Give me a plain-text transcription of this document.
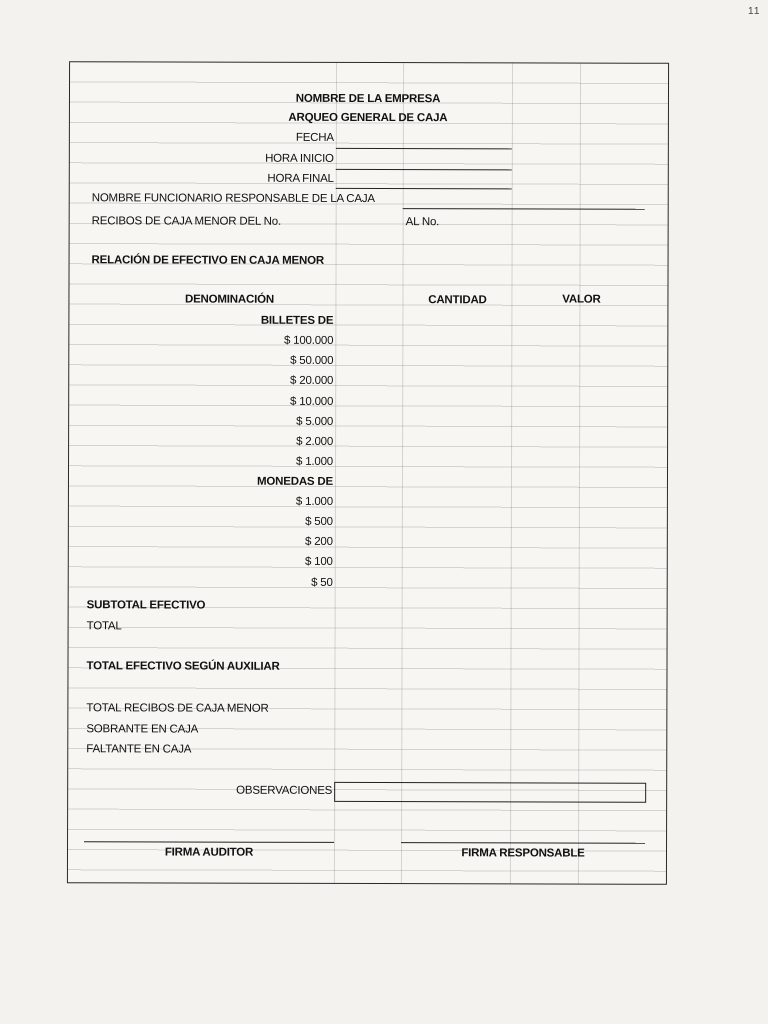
11
NOMBRE DE LA EMPRESA
ARQUEO GENERAL DE CAJA
FECHA
HORA INICIO
HORA FINAL
NOMBRE FUNCIONARIO RESPONSABLE DE LA CAJA
RECIBOS DE CAJA MENOR DEL No.	AL No.
RELACIÓN DE EFECTIVO EN CAJA MENOR
DENOMINACIÓN	CANTIDAD	VALOR
BILLETES DE
$ 100.000
$ 50.000
$ 20.000
$ 10.000
$ 5.000
$ 2.000
$ 1.000
MONEDAS DE
$ 1.000
$ 500
$ 200
$ 100
$ 50
SUBTOTAL EFECTIVO
TOTAL
TOTAL EFECTIVO SEGÚN AUXILIAR
TOTAL RECIBOS DE CAJA MENOR
SOBRANTE EN CAJA
FALTANTE EN CAJA
OBSERVACIONES
FIRMA AUDITOR	FIRMA RESPONSABLE
